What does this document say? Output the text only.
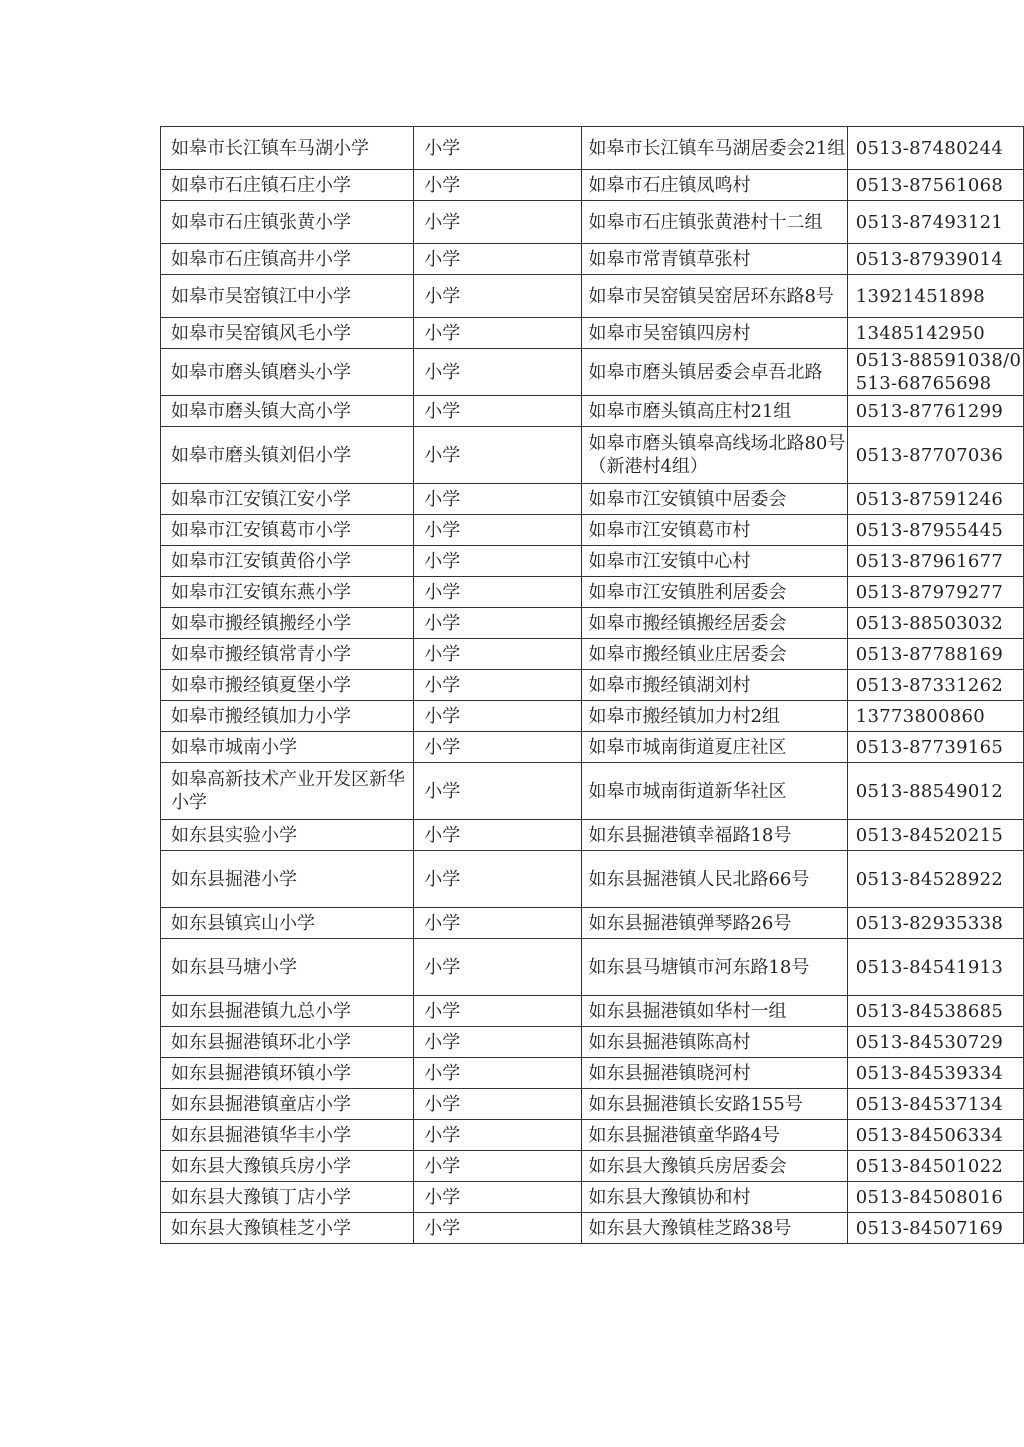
如皋市长江镇车马湖小学	小学	如皋市长江镇车马湖居委会21组	0513-87480244
如皋市石庄镇石庄小学	小学	如皋市石庄镇凤鸣村	0513-87561068
如皋市石庄镇张黄小学	小学	如皋市石庄镇张黄港村十二组	0513-87493121
如皋市石庄镇高井小学	小学	如皋市常青镇草张村	0513-87939014
如皋市吴窑镇江中小学	小学	如皋市吴窑镇吴窑居环东路8号	13921451898
如皋市吴窑镇风毛小学	小学	如皋市吴窑镇四房村	13485142950
如皋市磨头镇磨头小学	小学	如皋市磨头镇居委会卓吾北路	0513-88591038/0513-68765698
如皋市磨头镇大高小学	小学	如皋市磨头镇高庄村21组	0513-87761299
如皋市磨头镇刘侣小学	小学	如皋市磨头镇皋高线场北路80号（新港村4组）	0513-87707036
如皋市江安镇江安小学	小学	如皋市江安镇镇中居委会	0513-87591246
如皋市江安镇葛市小学	小学	如皋市江安镇葛市村	0513-87955445
如皋市江安镇黄俗小学	小学	如皋市江安镇中心村	0513-87961677
如皋市江安镇东燕小学	小学	如皋市江安镇胜利居委会	0513-87979277
如皋市搬经镇搬经小学	小学	如皋市搬经镇搬经居委会	0513-88503032
如皋市搬经镇常青小学	小学	如皋市搬经镇业庄居委会	0513-87788169
如皋市搬经镇夏堡小学	小学	如皋市搬经镇湖刘村	0513-87331262
如皋市搬经镇加力小学	小学	如皋市搬经镇加力村2组	13773800860
如皋市城南小学	小学	如皋市城南街道夏庄社区	0513-87739165
如皋高新技术产业开发区新华小学	小学	如皋市城南街道新华社区	0513-88549012
如东县实验小学	小学	如东县掘港镇幸福路18号	0513-84520215
如东县掘港小学	小学	如东县掘港镇人民北路66号	0513-84528922
如东县镇宾山小学	小学	如东县掘港镇弹琴路26号	0513-82935338
如东县马塘小学	小学	如东县马塘镇市河东路18号	0513-84541913
如东县掘港镇九总小学	小学	如东县掘港镇如华村一组	0513-84538685
如东县掘港镇环北小学	小学	如东县掘港镇陈高村	0513-84530729
如东县掘港镇环镇小学	小学	如东县掘港镇晓河村	0513-84539334
如东县掘港镇童店小学	小学	如东县掘港镇长安路155号	0513-84537134
如东县掘港镇华丰小学	小学	如东县掘港镇童华路4号	0513-84506334
如东县大豫镇兵房小学	小学	如东县大豫镇兵房居委会	0513-84501022
如东县大豫镇丁店小学	小学	如东县大豫镇协和村	0513-84508016
如东县大豫镇桂芝小学	小学	如东县大豫镇桂芝路38号	0513-84507169
